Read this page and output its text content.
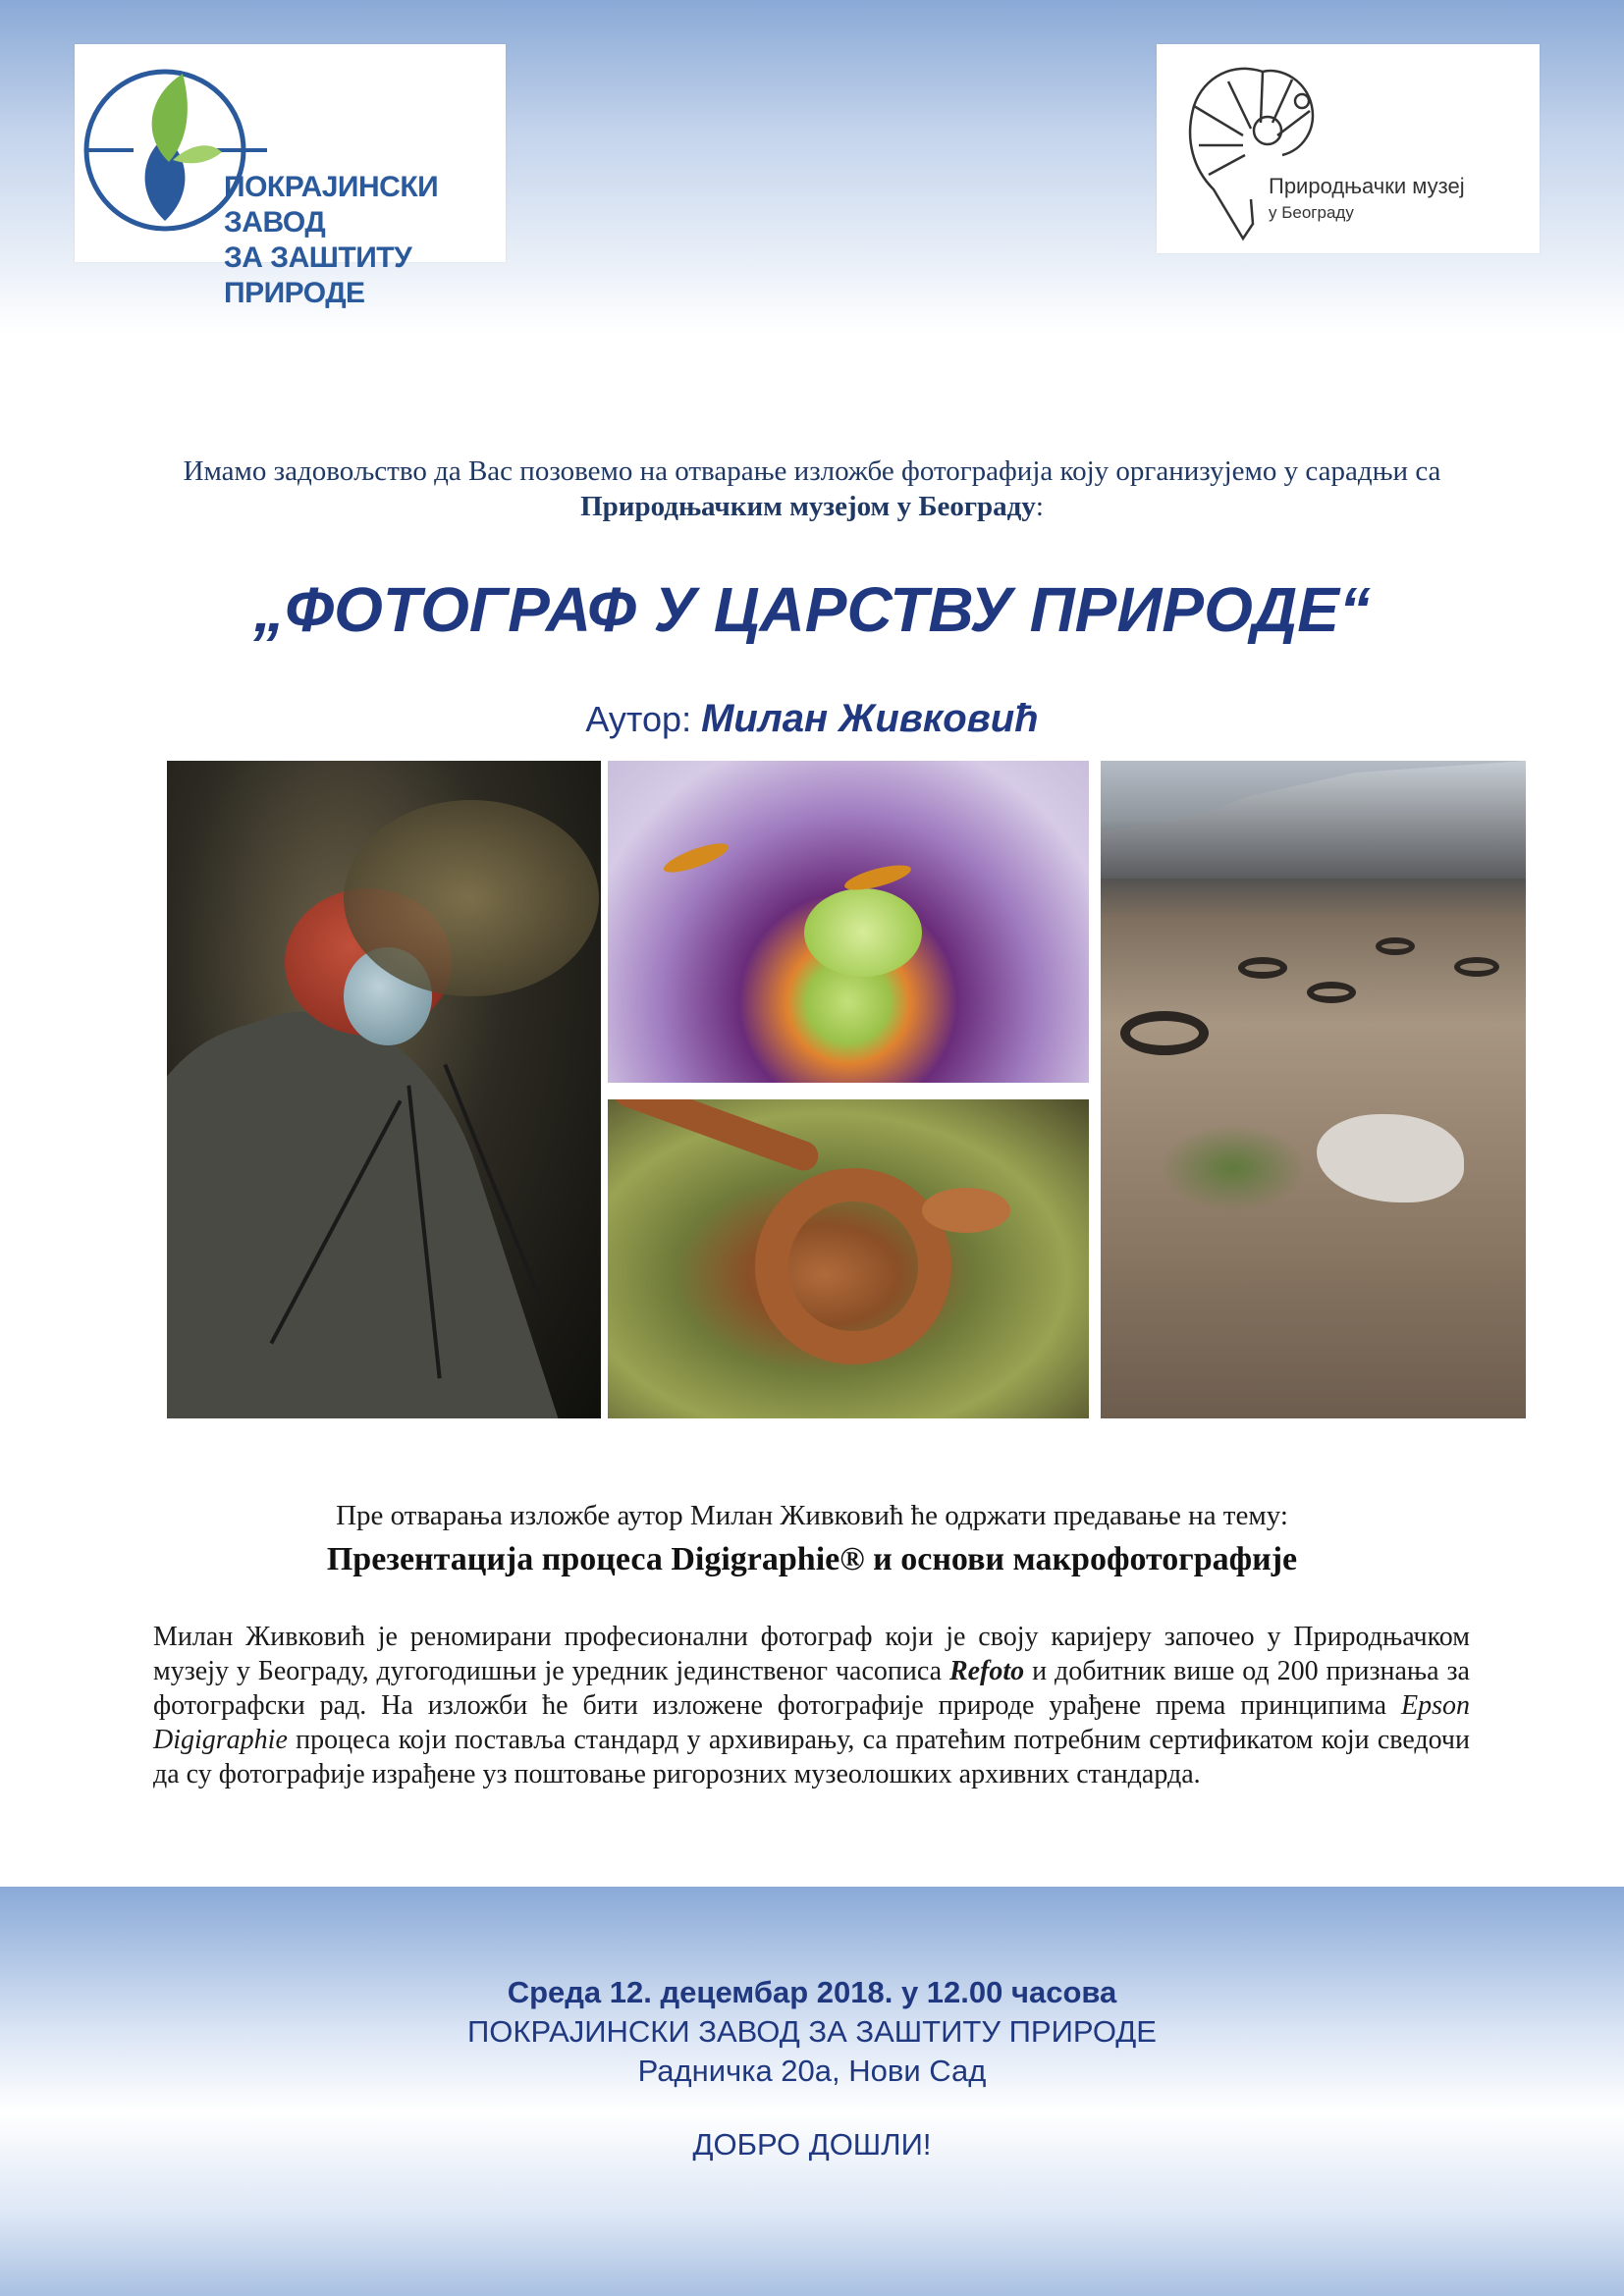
ПОКРАЈИНСКИ ЗАВОД
ЗА ЗАШТИТУ ПРИРОДЕ
Природњачки музеј
у Београду
Имамо задовољство да Вас позовемо на отварање изложбе фотографија коју организујемо у сарадњи са Природњачким музејом у Београду:
„ФОТОГРАФ У ЦАРСТВУ ПРИРОДЕ“
Аутор: Милан Живковић
Пре отварања изложбе аутор Милан Живковић ће одржати предавање на тему:
Презентација процеса Digigraphie® и основи макрофотографије
Милан Живковић је реномирани професионални фотограф који је своју каријеру започео у Природњачком музеју у Београду, дугогодишњи је уредник јединственог часописа Refoto и добитник више од 200 признања за фотографски рад. На изложби ће бити изложене фотографије природе урађене према принципима Epson Digigraphie процеса који поставља стандард у архивирању, са пратећим потребним сертификатом који сведочи да су фотографије израђене уз поштовање ригорозних музеолошких архивних стандарда.
Среда 12. децембар 2018. у 12.00 часова
ПОКРАЈИНСКИ ЗАВОД ЗА ЗАШТИТУ ПРИРОДЕ
Радничка 20а, Нови Сад
ДОБРО ДОШЛИ!
